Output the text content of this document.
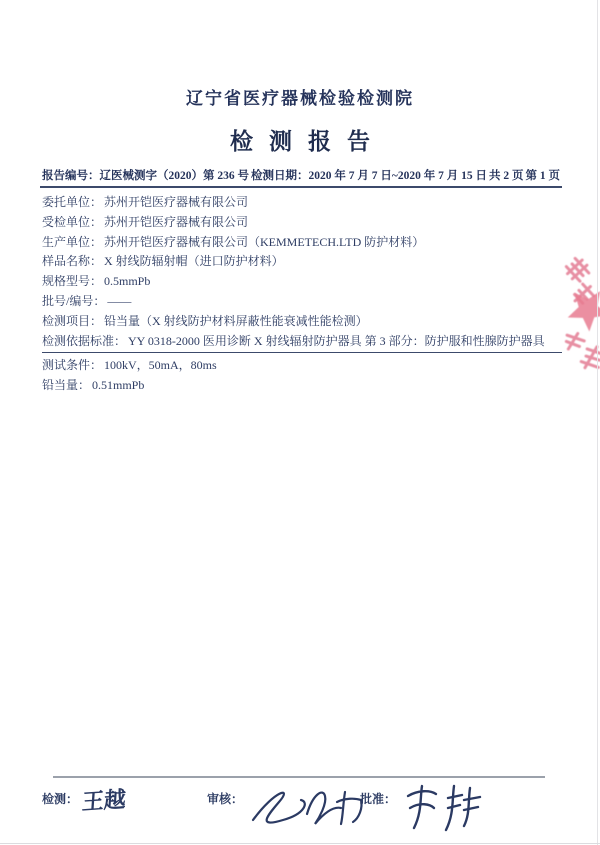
辽宁省医疗器械检验检测院
检测报告
报告编号：辽医械测字（2020）第 236 号 检测日期：2020 年 7 月 7 日~2020 年 7 月 15 日 共 2 页 第 1 页
委托单位： 苏州开铠医疗器械有限公司
受检单位： 苏州开铠医疗器械有限公司
生产单位： 苏州开铠医疗器械有限公司（KEMMETECH.LTD 防护材料）
样品名称： X 射线防辐射帽（进口防护材料）
规格型号： 0.5mmPb
批号/编号： ——
检测项目： 铅当量（X 射线防护材料屏蔽性能衰减性能检测）
检测依据标准： YY 0318-2000 医用诊断 X 射线辐射防护器具 第 3 部分：防护服和性腺防护器具
测试条件： 100kV，50mA，80ms
铅当量： 0.51mmPb
检测： 王越	审核：	批准：
